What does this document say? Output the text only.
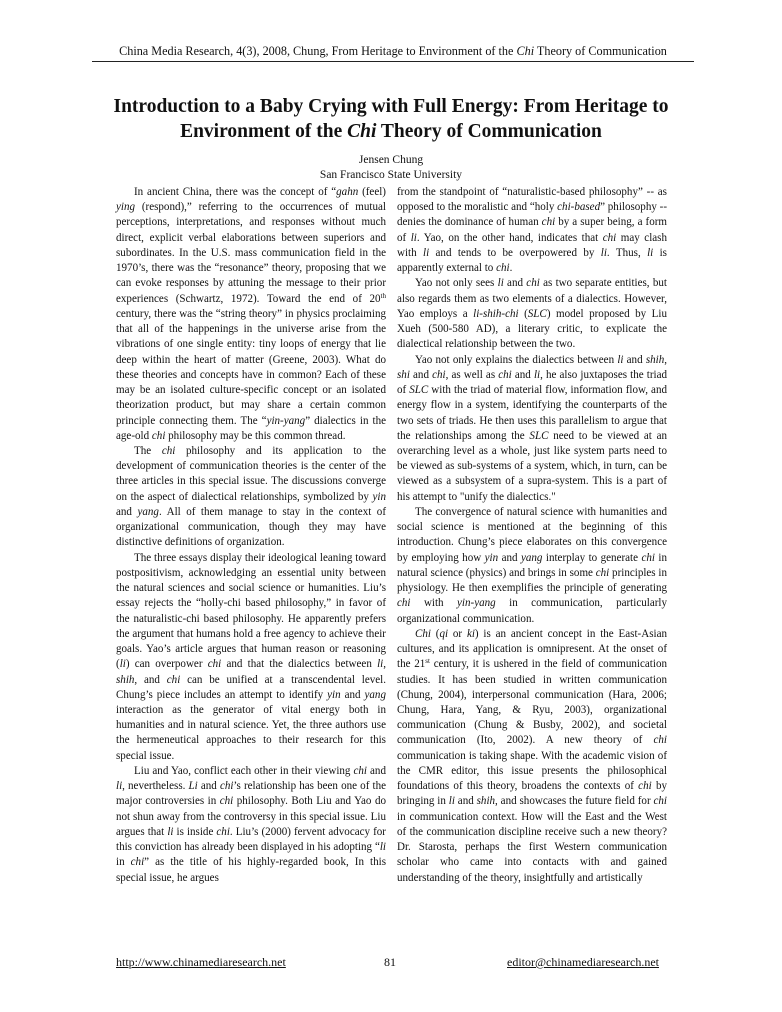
China Media Research, 4(3), 2008, Chung, From Heritage to Environment of the Chi Theory of Communication
Introduction to a Baby Crying with Full Energy: From Heritage to
Environment of the Chi Theory of Communication
Jensen Chung
San Francisco State University

In ancient China, there was the concept of “gahn (feel) ying (respond),” referring to the occurrences of mutual perceptions, interpretations, and responses without much direct, explicit verbal elaborations between superiors and subordinates. In the U.S. mass communication field in the 1970’s, there was the “resonance” theory, proposing that we can evoke responses by attuning the message to their prior experiences (Schwartz, 1972). Toward the end of 20th century, there was the “string theory” in physics proclaiming that all of the happenings in the universe arise from the vibrations of one single entity: tiny loops of energy that lie deep within the heart of matter (Greene, 2003). What do these theories and concepts have in common? Each of these may be an isolated culture-specific concept or an isolated theorization product, but may share a certain common principle connecting them. The “yin-yang” dialectics in the age-old chi philosophy may be this common thread.

The chi philosophy and its application to the development of communication theories is the center of the three articles in this special issue. The discussions converge on the aspect of dialectical relationships, symbolized by yin and yang. All of them manage to stay in the context of organizational communication, though they may have distinctive definitions of organization.

The three essays display their ideological leaning toward postpositivism, acknowledging an essential unity between the natural sciences and social science or humanities. Liu’s essay rejects the “holly-chi based philosophy,” in favor of the naturalistic-chi based philosophy. He apparently prefers the argument that humans hold a free agency to achieve their goals. Yao’s article argues that human reason or reasoning (li) can overpower chi and that the dialectics between li, shih, and chi can be unified at a transcendental level. Chung’s piece includes an attempt to identify yin and yang interaction as the generator of vital energy both in humanities and in natural science. Yet, the three authors use the hermeneutical approaches to their research for this special issue.

Liu and Yao, conflict each other in their viewing chi and li, nevertheless. Li and chi’s relationship has been one of the major controversies in chi philosophy. Both Liu and Yao do not shun away from the controversy in this special issue. Liu argues that li is inside chi. Liu’s (2000) fervent advocacy for this conviction has already been displayed in his adopting “li in chi” as the title of his highly-regarded book, In this special issue, he argues

from the standpoint of “naturalistic-based philosophy” -- as opposed to the moralistic and “holy chi-based” philosophy -- denies the dominance of human chi by a super being, a form of li. Yao, on the other hand, indicates that chi may clash with li and tends to be overpowered by li. Thus, li is apparently external to chi.

Yao not only sees li and chi as two separate entities, but also regards them as two elements of a dialectics. However, Yao employs a li-shih-chi (SLC) model proposed by Liu Xueh (500-580 AD), a literary critic, to explicate the dialectical relationship between the two.

Yao not only explains the dialectics between li and shih, shi and chi, as well as chi and li, he also juxtaposes the triad of SLC with the triad of material flow, information flow, and energy flow in a system, identifying the counterparts of the two sets of triads. He then uses this parallelism to argue that the relationships among the SLC need to be viewed at an overarching level as a whole, just like system parts need to be viewed as sub-systems of a system, which, in turn, can be viewed as a subsystem of a supra-system. This is a part of his attempt to "unify the dialectics."

The convergence of natural science with humanities and social science is mentioned at the beginning of this introduction. Chung’s piece elaborates on this convergence by employing how yin and yang interplay to generate chi in natural science (physics) and brings in some chi principles in physiology. He then exemplifies the principle of generating chi with yin-yang in communication, particularly organizational communication.

Chi (qi or ki) is an ancient concept in the East-Asian cultures, and its application is omnipresent. At the onset of the 21st century, it is ushered in the field of communication studies. It has been studied in written communication (Chung, 2004), interpersonal communication (Hara, 2006; Chung, Hara, Yang, & Ryu, 2003), organizational communication (Chung & Busby, 2002), and societal communication (Ito, 2002). A new theory of chi communication is taking shape. With the academic vision of the CMR editor, this issue presents the philosophical foundations of this theory, broadens the contexts of chi by bringing in li and shih, and showcases the future field for chi in communication context. How will the East and the West of the communication discipline receive such a new theory? Dr. Starosta, perhaps the first Western communication scholar who came into contacts with and gained understanding of the theory, insightfully and artistically

http://www.chinamediaresearch.net	81	editor@chinamediaresearch.net
